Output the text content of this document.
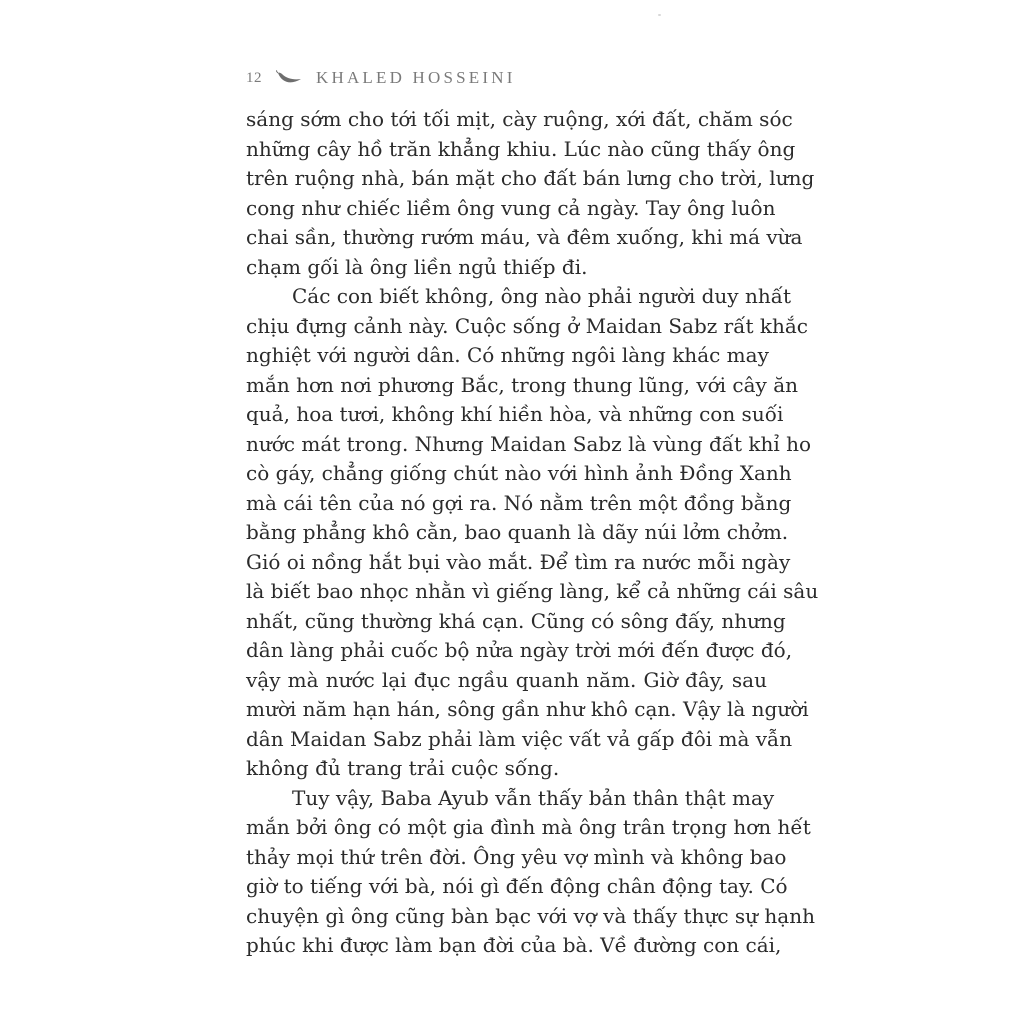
12	KHALED HOSSEINI
sáng sớm cho tới tối mịt, cày ruộng, xới đất, chăm sóc
những cây hồ trăn khẳng khiu. Lúc nào cũng thấy ông
trên ruộng nhà, bán mặt cho đất bán lưng cho trời, lưng
cong như chiếc liềm ông vung cả ngày. Tay ông luôn
chai sần, thường rướm máu, và đêm xuống, khi má vừa
chạm gối là ông liền ngủ thiếp đi.
Các con biết không, ông nào phải người duy nhất
chịu đựng cảnh này. Cuộc sống ở Maidan Sabz rất khắc
nghiệt với người dân. Có những ngôi làng khác may
mắn hơn nơi phương Bắc, trong thung lũng, với cây ăn
quả, hoa tươi, không khí hiền hòa, và những con suối
nước mát trong. Nhưng Maidan Sabz là vùng đất khỉ ho
cò gáy, chẳng giống chút nào với hình ảnh Đồng Xanh
mà cái tên của nó gợi ra. Nó nằm trên một đồng bằng
bằng phẳng khô cằn, bao quanh là dãy núi lởm chởm.
Gió oi nồng hắt bụi vào mắt. Để tìm ra nước mỗi ngày
là biết bao nhọc nhằn vì giếng làng, kể cả những cái sâu
nhất, cũng thường khá cạn. Cũng có sông đấy, nhưng
dân làng phải cuốc bộ nửa ngày trời mới đến được đó,
vậy mà nước lại đục ngầu quanh năm. Giờ đây, sau
mười năm hạn hán, sông gần như khô cạn. Vậy là người
dân Maidan Sabz phải làm việc vất vả gấp đôi mà vẫn
không đủ trang trải cuộc sống.
Tuy vậy, Baba Ayub vẫn thấy bản thân thật may
mắn bởi ông có một gia đình mà ông trân trọng hơn hết
thảy mọi thứ trên đời. Ông yêu vợ mình và không bao
giờ to tiếng với bà, nói gì đến động chân động tay. Có
chuyện gì ông cũng bàn bạc với vợ và thấy thực sự hạnh
phúc khi được làm bạn đời của bà. Về đường con cái,
